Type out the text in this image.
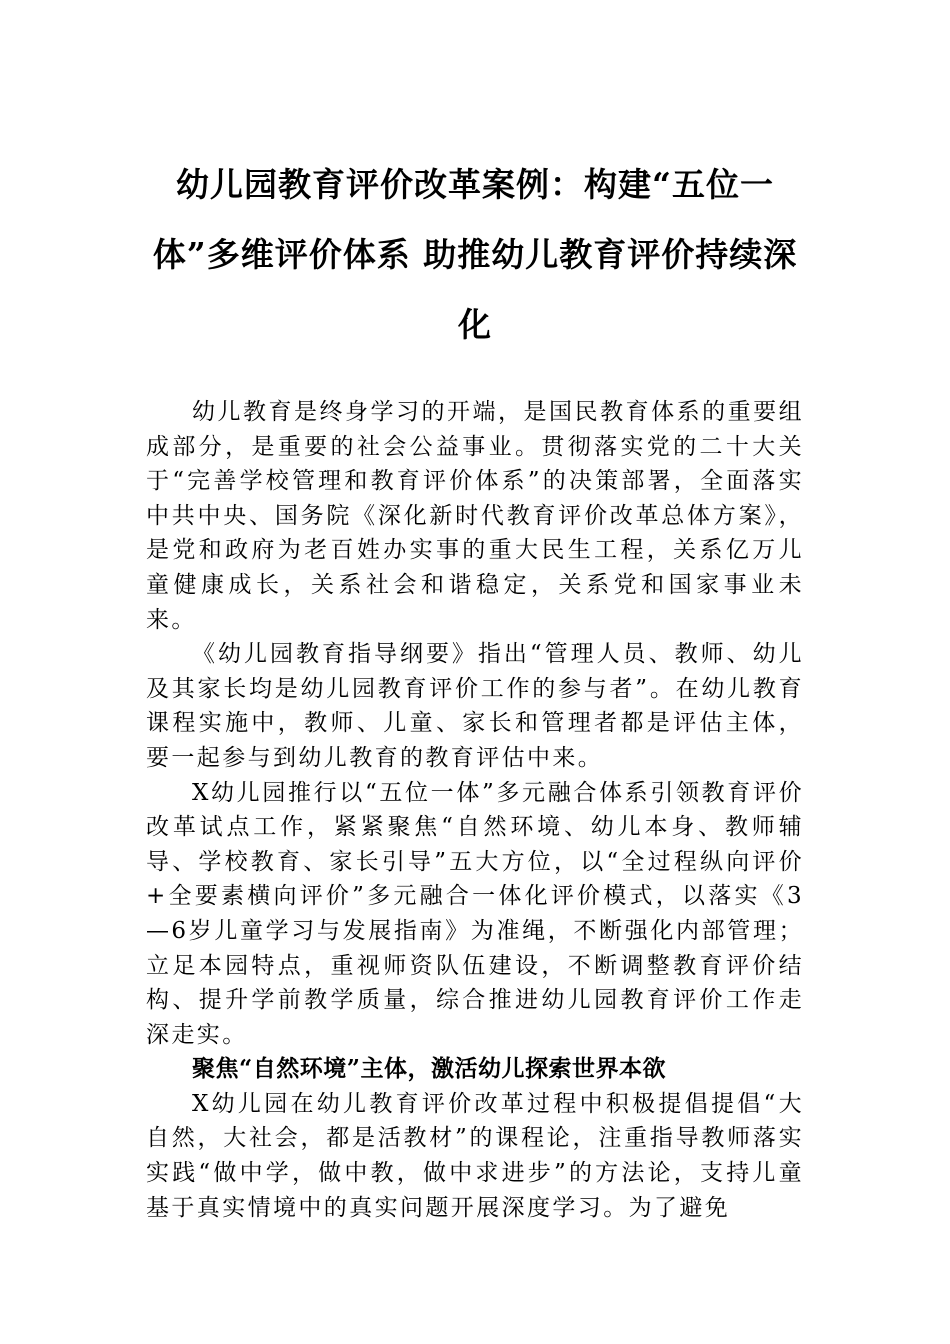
幼儿园教育评价改革案例：构建“五位一体”多维评价体系 助推幼儿教育评价持续深化

幼儿教育是终身学习的开端，是国民教育体系的重要组成部分，是重要的社会公益事业。贯彻落实党的二十大关于“完善学校管理和教育评价体系”的决策部署，全面落实中共中央、国务院《深化新时代教育评价改革总体方案》，是党和政府为老百姓办实事的重大民生工程，关系亿万儿童健康成长，关系社会和谐稳定，关系党和国家事业未来。

《幼儿园教育指导纲要》指出“管理人员、教师、幼儿及其家长均是幼儿园教育评价工作的参与者”。在幼儿教育课程实施中，教师、儿童、家长和管理者都是评估主体，要一起参与到幼儿教育的教育评估中来。

X幼儿园推行以“五位一体”多元融合体系引领教育评价改革试点工作，紧紧聚焦“自然环境、幼儿本身、教师辅导、学校教育、家长引导”五大方位，以“全过程纵向评价+全要素横向评价”多元融合一体化评价模式，以落实《3—6岁儿童学习与发展指南》为准绳，不断强化内部管理；立足本园特点，重视师资队伍建设，不断调整教育评价结构、提升学前教学质量，综合推进幼儿园教育评价工作走深走实。

聚焦“自然环境”主体，激活幼儿探索世界本欲

X幼儿园在幼儿教育评价改革过程中积极提倡提倡“大自然，大社会，都是活教材”的课程论，注重指导教师落实实践“做中学，做中教，做中求进步”的方法论，支持儿童基于真实情境中的真实问题开展深度学习。为了避免
